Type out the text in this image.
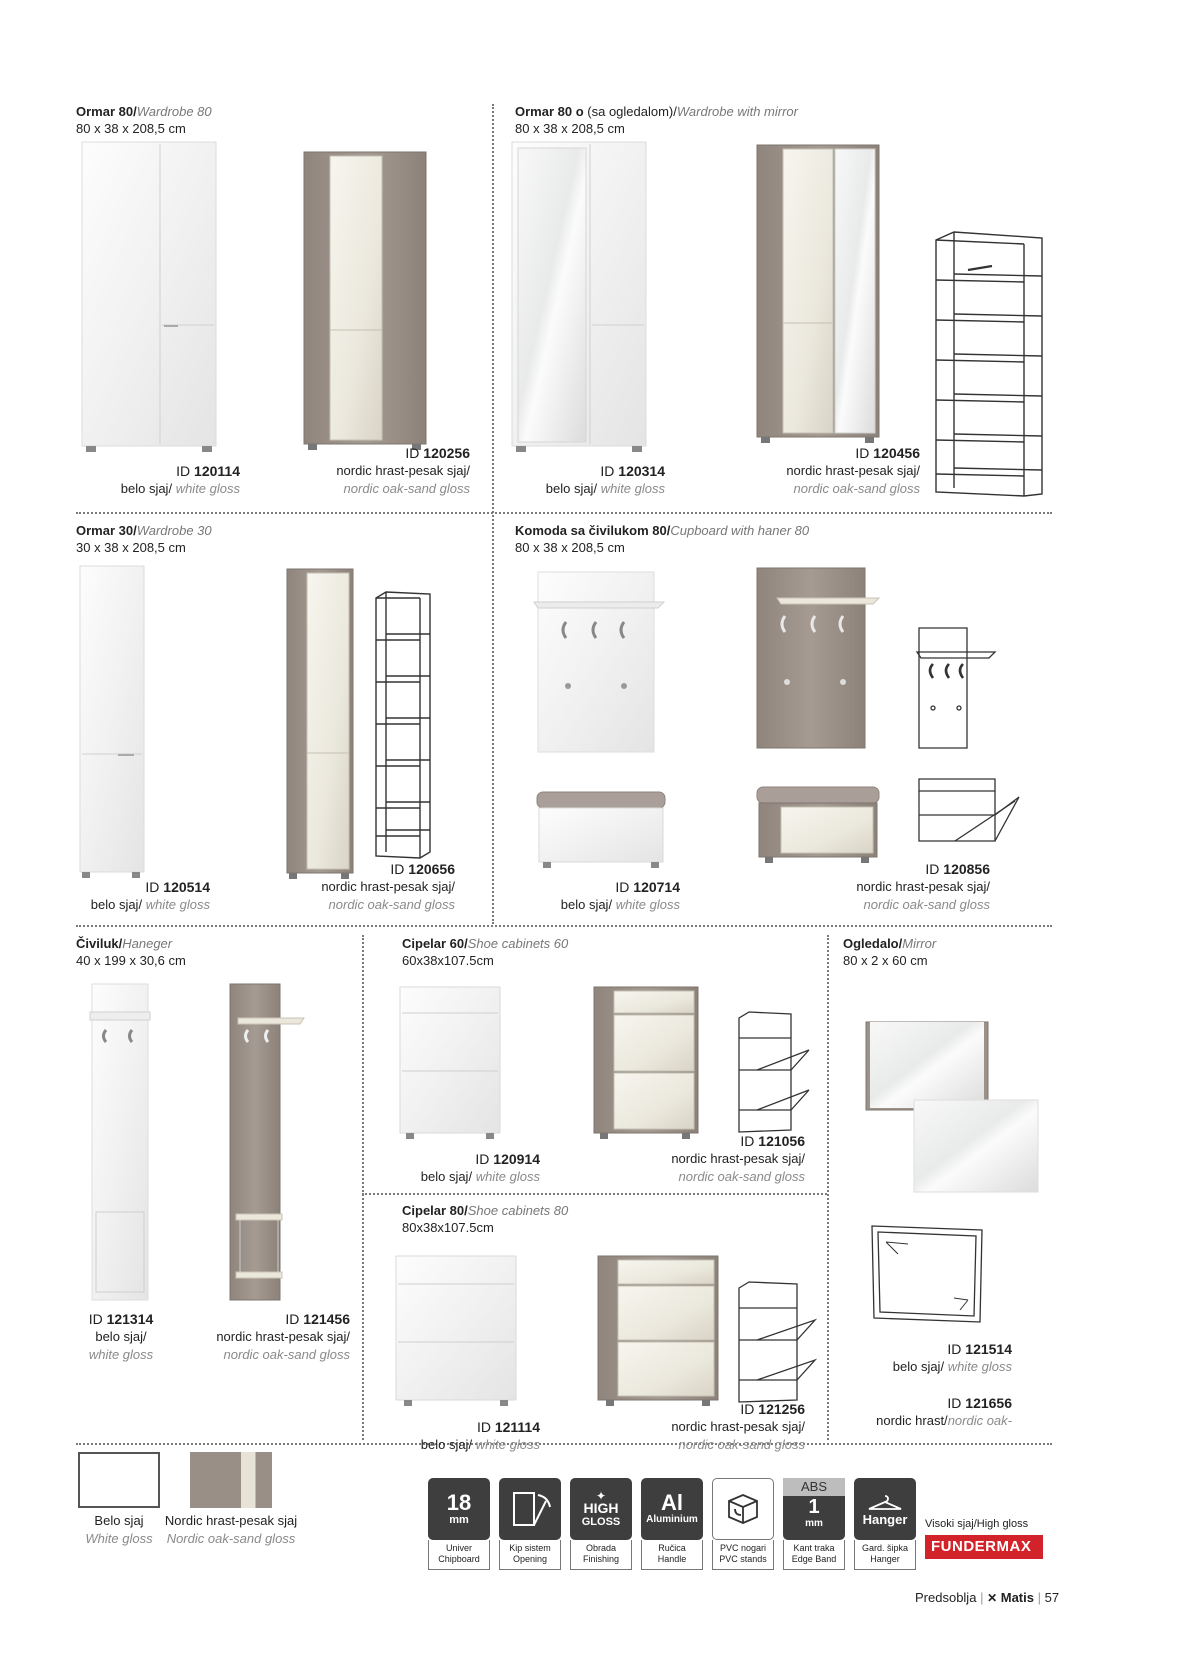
Ormar 80/Wardrobe 80
80 x 38 x 208,5 cm
ID 120114
belo sjaj/ white gloss
ID 120256
nordic hrast-pesak sjaj/
nordic oak-sand gloss
Ormar 80 o (sa ogledalom)/Wardrobe with mirror
80 x 38 x 208,5 cm
ID 120314
belo sjaj/ white gloss
ID 120456
nordic hrast-pesak sjaj/
nordic oak-sand gloss
Ormar 30/Wardrobe 30
30 x 38 x 208,5 cm
ID 120514
belo sjaj/ white gloss
ID 120656
nordic hrast-pesak sjaj/
nordic oak-sand gloss
Komoda sa čivilukom 80/Cupboard with haner 80
80 x 38 x 208,5 cm
ID 120714
belo sjaj/ white gloss
ID 120856
nordic hrast-pesak sjaj/
nordic oak-sand gloss
Čiviluk/Haneger
40 x 199 x 30,6 cm
ID 121314
belo sjaj/
white gloss
ID 121456
nordic hrast-pesak sjaj/
nordic oak-sand gloss
Cipelar 60/Shoe cabinets 60
60x38x107.5cm
ID 120914
belo sjaj/ white gloss
ID 121056
nordic hrast-pesak sjaj/
nordic oak-sand gloss
Cipelar 80/Shoe cabinets 80
80x38x107.5cm
ID 121114
belo sjaj/ white gloss
ID 121256
nordic hrast-pesak sjaj/
nordic oak-sand gloss
Ogledalo/Mirror
80 x 2 x 60 cm
ID 121514
belo sjaj/ white gloss
ID 121656
nordic hrast/nordic oak-
Belo sjaj
White gloss
Nordic hrast-pesak sjaj
Nordic oak-sand gloss
18
mm
Univer
Chipboard
Kip sistem
Opening
✦
HIGH
GLOSS
Obrada
Finishing
Al
Aluminium
Ručica
Handle
PVC nogari
PVC stands
ABS
1
mm
Kant traka
Edge Band
Hanger
Gard. šipka
Hanger
Visoki sjaj/High gloss
FUNDERMAX
Predsoblja | ✕ Matis | 57
